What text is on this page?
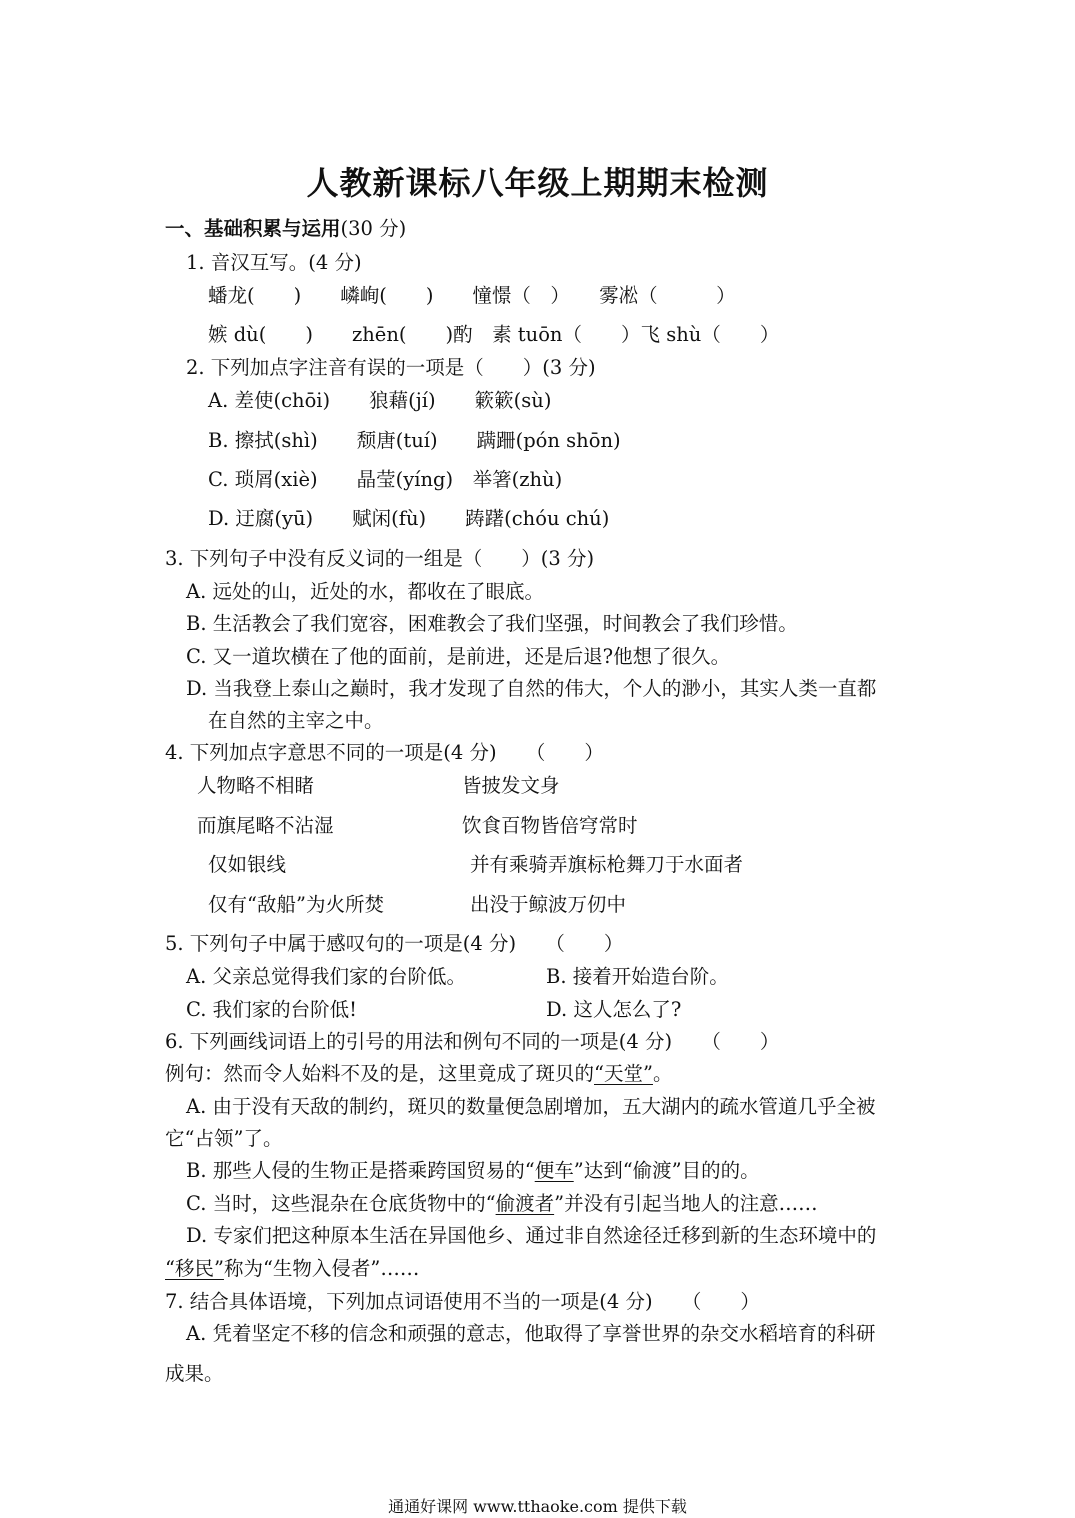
人教新课标八年级上期期末检测
一、基础积累与运用(30 分)
1. 音汉互写。(4 分)
蟠龙(　　)　　嶙峋(　　)　　憧憬（　）　　雾凇（　　　）
嫉 dù(　　)　　zhēn(　　)酌　素 tuōn（　　）飞 shù（　　）
2. 下列加点字注音有误的一项是（　　）(3 分)
A. 差使(chōi)　　狼藉(jí)　　簌簌(sù)
B. 擦拭(shì)　　颓唐(tuí)　　蹒跚(pón shōn)
C. 琐屑(xiè)　　晶莹(yíng)　举箸(zhù)
D. 迂腐(yū)　　赋闲(fù)　　踌躇(chóu chú)
3. 下列句子中没有反义词的一组是（　　）(3 分)
A. 远处的山，近处的水，都收在了眼底。
B. 生活教会了我们宽容，困难教会了我们坚强，时间教会了我们珍惜。
C. 又一道坎横在了他的面前，是前进，还是后退?他想了很久。
D. 当我登上泰山之巅时，我才发现了自然的伟大，个人的渺小，其实人类一直都
在自然的主宰之中。
4. 下列加点字意思不同的一项是(4 分)　　（　　）
人物略不相睹	皆披发文身
而旗尾略不沾湿	饮食百物皆倍穹常时
仅如银线	并有乘骑弄旗标枪舞刀于水面者
仅有“敌船”为火所焚	出没于鲸波万仞中
5. 下列句子中属于感叹句的一项是(4 分)　　（　　）
A. 父亲总觉得我们家的台阶低。	B. 接着开始造台阶。
C. 我们家的台阶低!	D. 这人怎么了?
6. 下列画线词语上的引号的用法和例句不同的一项是(4 分)　　（　　）
例句：然而令人始料不及的是，这里竟成了斑贝的“天堂”。
A. 由于没有天敌的制约，斑贝的数量便急剧增加，五大湖内的疏水管道几乎全被
它“占领”了。
B. 那些人侵的生物正是搭乘跨国贸易的“便车”达到“偷渡”目的的。
C. 当时，这些混杂在仓底货物中的“偷渡者”并没有引起当地人的注意……
D. 专家们把这种原本生活在异国他乡、通过非自然途径迁移到新的生态环境中的
“移民”称为“生物入侵者”……
7. 结合具体语境，下列加点词语使用不当的一项是(4 分)　　（　　）
A. 凭着坚定不移的信念和顽强的意志，他取得了享誉世界的杂交水稻培育的科研
成果。
通通好课网 www.tthaoke.com 提供下载
